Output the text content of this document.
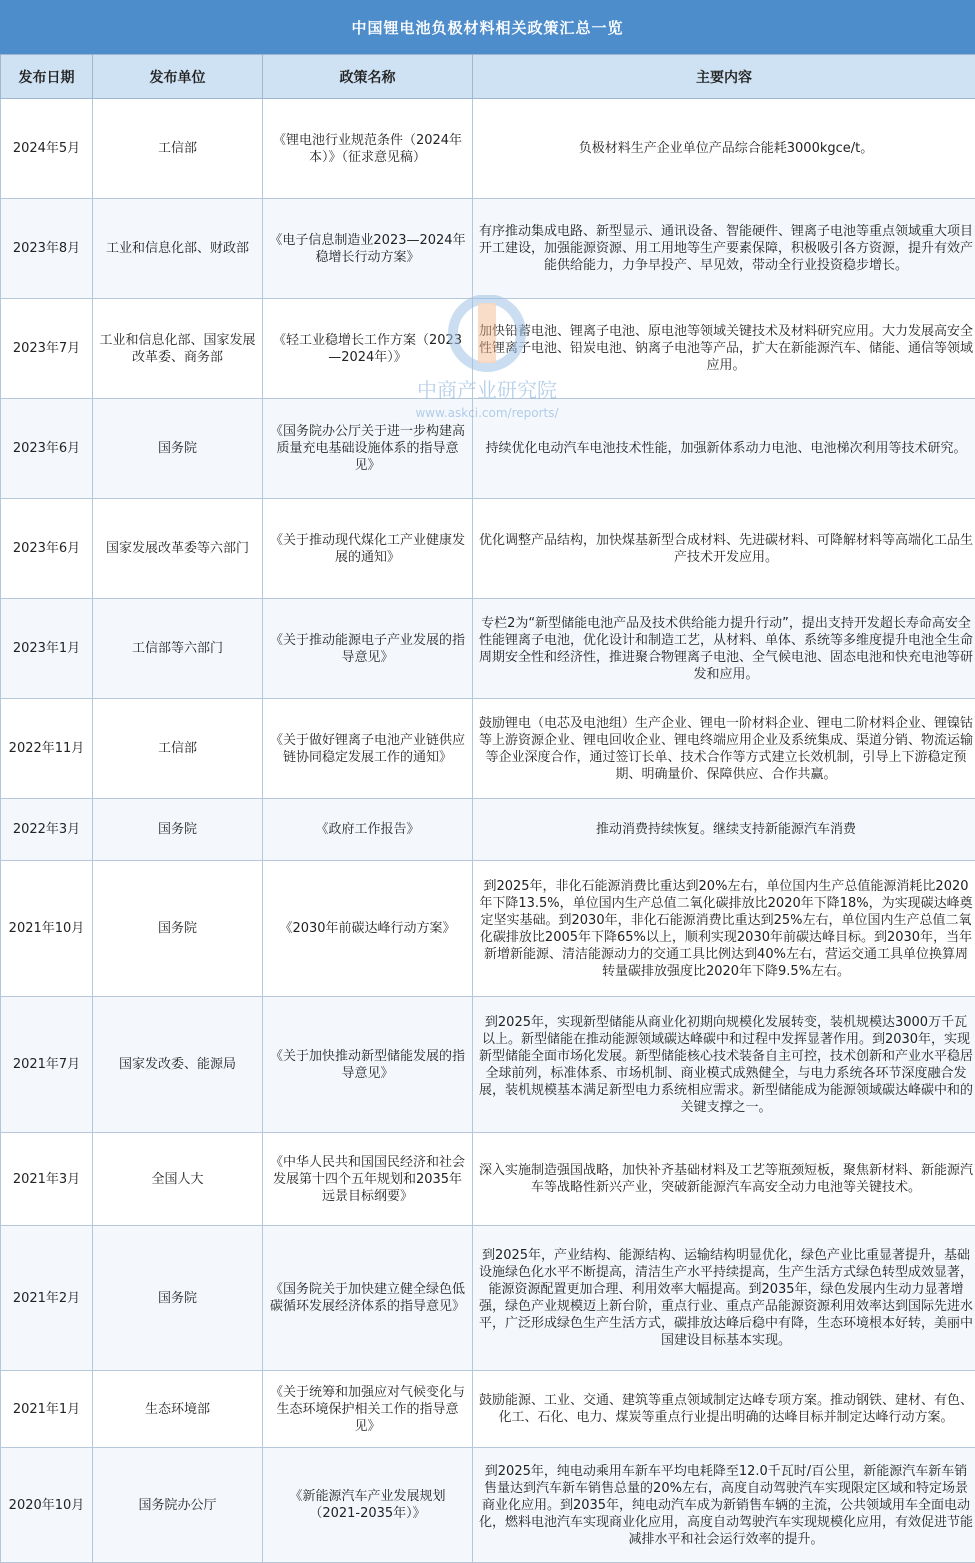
中国锂电池负极材料相关政策汇总一览
发布日期	发布单位	政策名称	主要内容
2024年5月	工信部	《锂电池行业规范条件（2024年本）》（征求意见稿）	负极材料生产企业单位产品综合能耗3000kgce/t。
2023年8月	工业和信息化部、财政部	《电子信息制造业2023—2024年稳增长行动方案》	有序推动集成电路、新型显示、通讯设备、智能硬件、锂离子电池等重点领域重大项目开工建设，加强能源资源、用工用地等生产要素保障，积极吸引各方资源，提升有效产能供给能力，力争早投产、早见效，带动全行业投资稳步增长。
2023年7月	工业和信息化部、国家发展改革委、商务部	《轻工业稳增长工作方案（2023—2024年）》	加快铅蓄电池、锂离子电池、原电池等领域关键技术及材料研究应用。大力发展高安全性锂离子电池、铅炭电池、钠离子电池等产品，扩大在新能源汽车、储能、通信等领域应用。
2023年6月	国务院	《国务院办公厅关于进一步构建高质量充电基础设施体系的指导意见》	持续优化电动汽车电池技术性能，加强新体系动力电池、电池梯次利用等技术研究。
2023年6月	国家发展改革委等六部门	《关于推动现代煤化工产业健康发展的通知》	优化调整产品结构，加快煤基新型合成材料、先进碳材料、可降解材料等高端化工品生产技术开发应用。
2023年1月	工信部等六部门	《关于推动能源电子产业发展的指导意见》	专栏2为“新型储能电池产品及技术供给能力提升行动”，提出支持开发超长寿命高安全性能锂离子电池，优化设计和制造工艺，从材料、单体、系统等多维度提升电池全生命周期安全性和经济性，推进聚合物锂离子电池、全气候电池、固态电池和快充电池等研发和应用。
2022年11月	工信部	《关于做好锂离子电池产业链供应链协同稳定发展工作的通知》	鼓励锂电（电芯及电池组）生产企业、锂电一阶材料企业、锂电二阶材料企业、锂镍钴等上游资源企业、锂电回收企业、锂电终端应用企业及系统集成、渠道分销、物流运输等企业深度合作，通过签订长单、技术合作等方式建立长效机制，引导上下游稳定预期、明确量价、保障供应、合作共赢。
2022年3月	国务院	《政府工作报告》	推动消费持续恢复。继续支持新能源汽车消费
2021年10月	国务院	《2030年前碳达峰行动方案》	到2025年，非化石能源消费比重达到20%左右，单位国内生产总值能源消耗比2020年下降13.5%，单位国内生产总值二氧化碳排放比2020年下降18%，为实现碳达峰奠定坚实基础。到2030年，非化石能源消费比重达到25%左右，单位国内生产总值二氧化碳排放比2005年下降65%以上，顺利实现2030年前碳达峰目标。到2030年，当年新增新能源、清洁能源动力的交通工具比例达到40%左右，营运交通工具单位换算周转量碳排放强度比2020年下降9.5%左右。
2021年7月	国家发改委、能源局	《关于加快推动新型储能发展的指导意见》	到2025年，实现新型储能从商业化初期向规模化发展转变，装机规模达3000万千瓦以上。新型储能在推动能源领域碳达峰碳中和过程中发挥显著作用。到2030年，实现新型储能全面市场化发展。新型储能核心技术装备自主可控，技术创新和产业水平稳居全球前列，标准体系、市场机制、商业模式成熟健全，与电力系统各环节深度融合发展，装机规模基本满足新型电力系统相应需求。新型储能成为能源领域碳达峰碳中和的关键支撑之一。
2021年3月	全国人大	《中华人民共和国国民经济和社会发展第十四个五年规划和2035年远景目标纲要》	深入实施制造强国战略，加快补齐基础材料及工艺等瓶颈短板，聚焦新材料、新能源汽车等战略性新兴产业，突破新能源汽车高安全动力电池等关键技术。
2021年2月	国务院	《国务院关于加快建立健全绿色低碳循环发展经济体系的指导意见》	到2025年，产业结构、能源结构、运输结构明显优化，绿色产业比重显著提升，基础设施绿色化水平不断提高，清洁生产水平持续提高，生产生活方式绿色转型成效显著，能源资源配置更加合理、利用效率大幅提高。到2035年，绿色发展内生动力显著增强，绿色产业规模迈上新台阶，重点行业、重点产品能源资源利用效率达到国际先进水平，广泛形成绿色生产生活方式，碳排放达峰后稳中有降，生态环境根本好转，美丽中国建设目标基本实现。
2021年1月	生态环境部	《关于统筹和加强应对气候变化与生态环境保护相关工作的指导意见》	鼓励能源、工业、交通、建筑等重点领域制定达峰专项方案。推动钢铁、建材、有色、化工、石化、电力、煤炭等重点行业提出明确的达峰目标并制定达峰行动方案。
2020年10月	国务院办公厅	《新能源汽车产业发展规划（2021-2035年）》	到2025年，纯电动乘用车新车平均电耗降至12.0千瓦时/百公里，新能源汽车新车销售量达到汽车新车销售总量的20%左右，高度自动驾驶汽车实现限定区域和特定场景商业化应用。到2035年，纯电动汽车成为新销售车辆的主流，公共领域用车全面电动化，燃料电池汽车实现商业化应用，高度自动驾驶汽车实现规模化应用，有效促进节能减排水平和社会运行效率的提升。
中商产业研究院
www.askci.com/reports/
